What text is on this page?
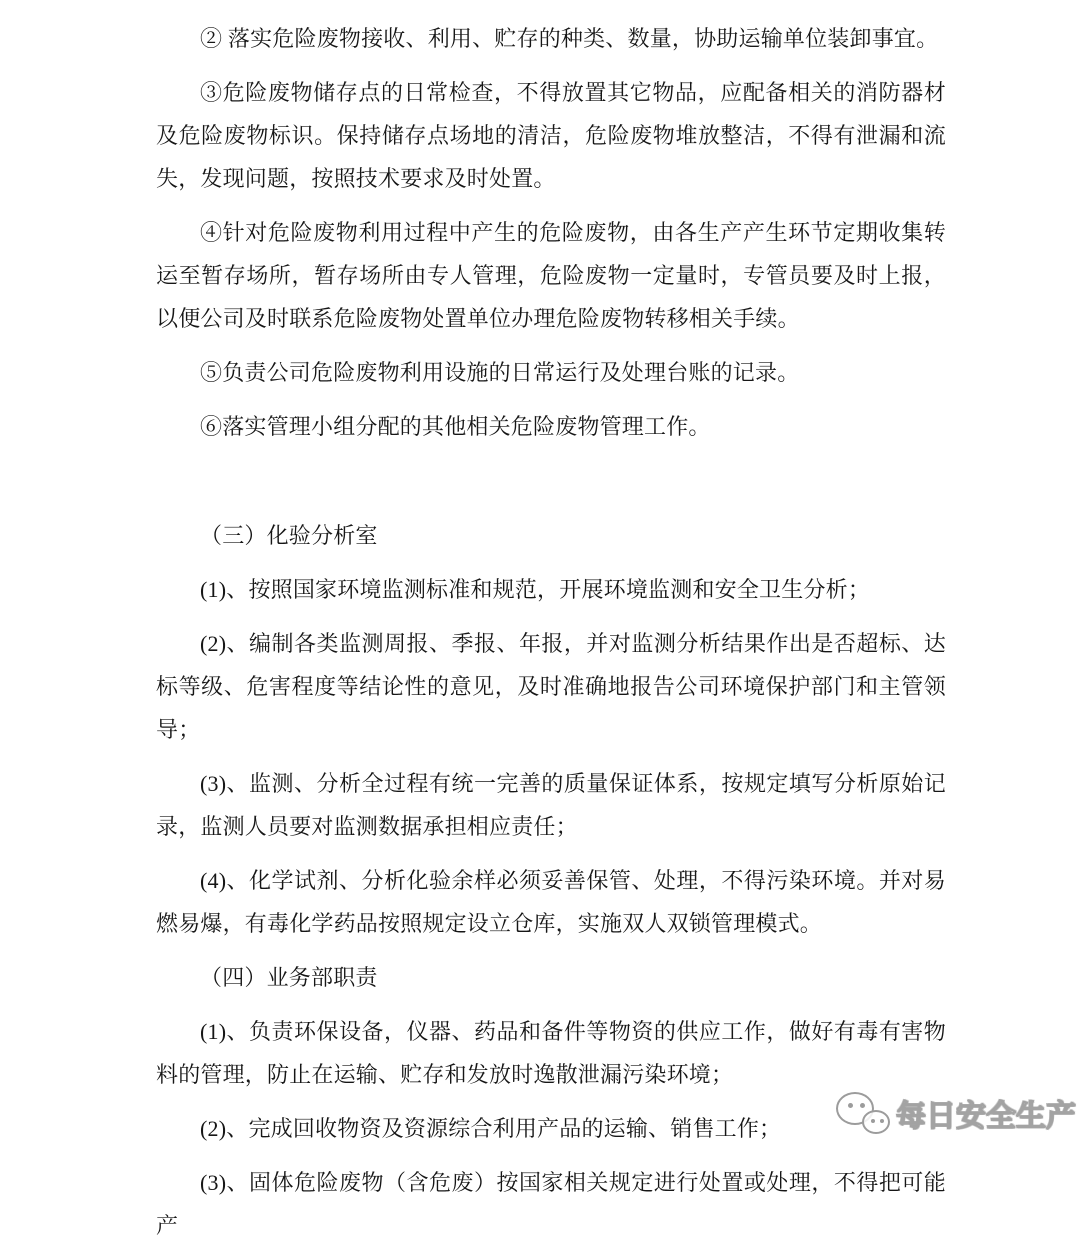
② 落实危险废物接收、利用、贮存的种类、数量，协助运输单位装卸事宜。

③危险废物储存点的日常检查，不得放置其它物品，应配备相关的消防器材及危险废物标识。保持储存点场地的清洁，危险废物堆放整洁，不得有泄漏和流失，发现问题，按照技术要求及时处置。

④针对危险废物利用过程中产生的危险废物，由各生产产生环节定期收集转运至暂存场所，暂存场所由专人管理，危险废物一定量时，专管员要及时上报，以便公司及时联系危险废物处置单位办理危险废物转移相关手续。

⑤负责公司危险废物利用设施的日常运行及处理台账的记录。

⑥落实管理小组分配的其他相关危险废物管理工作。

（三）化验分析室

(1)、按照国家环境监测标准和规范，开展环境监测和安全卫生分析；

(2)、编制各类监测周报、季报、年报，并对监测分析结果作出是否超标、达标等级、危害程度等结论性的意见，及时准确地报告公司环境保护部门和主管领导；

(3)、监测、分析全过程有统一完善的质量保证体系，按规定填写分析原始记录，监测人员要对监测数据承担相应责任；

(4)、化学试剂、分析化验余样必须妥善保管、处理，不得污染环境。并对易燃易爆，有毒化学药品按照规定设立仓库，实施双人双锁管理模式。

（四）业务部职责

(1)、负责环保设备，仪器、药品和备件等物资的供应工作，做好有毒有害物料的管理，防止在运输、贮存和发放时逸散泄漏污染环境；

(2)、完成回收物资及资源综合利用产品的运输、销售工作；

(3)、固体危险废物（含危废）按国家相关规定进行处置或处理，不得把可能产

每日安全生产
